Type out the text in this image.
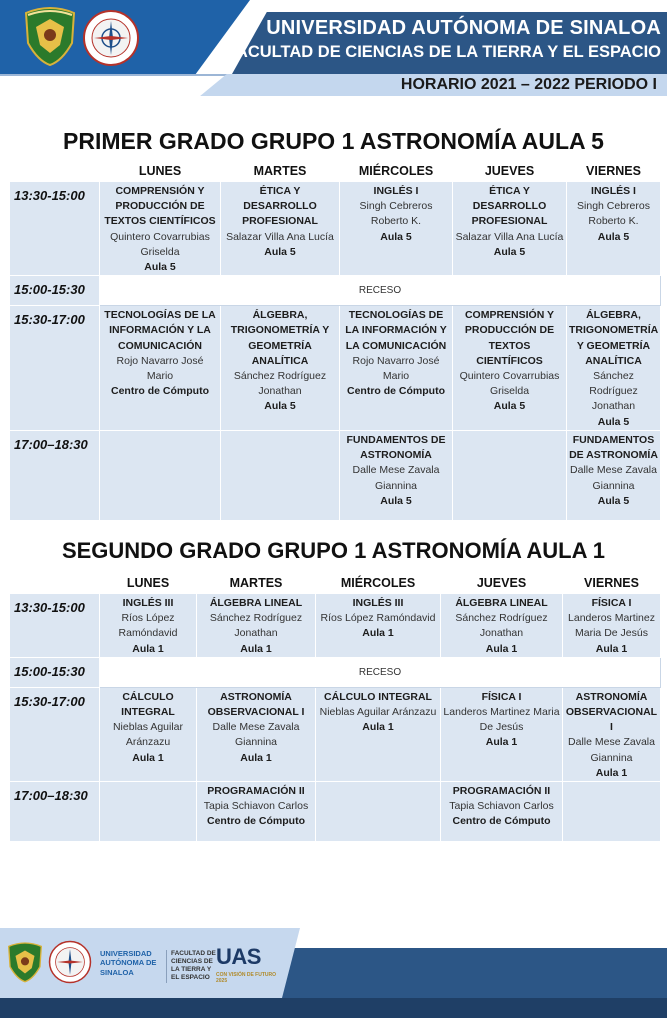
UNIVERSIDAD AUTÓNOMA DE SINALOA
FACULTAD DE CIENCIAS DE LA TIERRA Y EL ESPACIO
HORARIO 2021 – 2022 PERIODO I
PRIMER GRADO GRUPO 1 ASTRONOMÍA AULA 5
	LUNES	MARTES	MIÉRCOLES	JUEVES	VIERNES
13:30-15:00	COMPRENSIÓN Y PRODUCCIÓN DE TEXTOS CIENTÍFICOS
Quintero Covarrubias Griselda
Aula 5	ÉTICA Y DESARROLLO PROFESIONAL
Salazar Villa Ana Lucía
Aula 5	INGLÉS I
Singh Cebreros Roberto K.
Aula 5	ÉTICA Y DESARROLLO PROFESIONAL
Salazar Villa Ana Lucía
Aula 5	INGLÉS I
Singh Cebreros Roberto K.
Aula 5

15:00-15:30	RECESO				
15:30-17:00	TECNOLOGÍAS DE LA INFORMACIÓN Y LA COMUNICACIÓN
Rojo Navarro José Mario
Centro de Cómputo	ÁLGEBRA, TRIGONOMETRÍA Y GEOMETRÍA ANALÍTICA
Sánchez Rodríguez Jonathan
Aula 5	TECNOLOGÍAS DE LA INFORMACIÓN Y LA COMUNICACIÓN
Rojo Navarro José Mario
Centro de Cómputo	COMPRENSIÓN Y PRODUCCIÓN DE TEXTOS CIENTÍFICOS
Quintero Covarrubias Griselda
Aula 5	ÁLGEBRA, TRIGONOMETRÍA Y GEOMETRÍA ANALÍTICA
Sánchez Rodríguez Jonathan
Aula 5

17:00–18:30			FUNDAMENTOS DE ASTRONOMÍA
Dalle Mese Zavala Giannina
Aula 5		FUNDAMENTOS DE ASTRONOMÍA
Dalle Mese Zavala Giannina
Aula 5
SEGUNDO GRADO GRUPO 1 ASTRONOMÍA AULA 1
	LUNES	MARTES	MIÉRCOLES	JUEVES	VIERNES
13:30-15:00	INGLÉS III
Ríos López Ramóndavid
Aula 1	ÁLGEBRA LINEAL
Sánchez Rodríguez Jonathan
Aula 1	INGLÉS III
Ríos López Ramóndavid
Aula 1	ÁLGEBRA LINEAL
Sánchez Rodríguez Jonathan
Aula 1	FÍSICA I
Landeros Martinez Maria De Jesús
Aula 1

15:00-15:30	RECESO				
15:30-17:00	CÁLCULO INTEGRAL
Nieblas Aguilar Aránzazu
Aula 1	ASTRONOMÍA OBSERVACIONAL I
Dalle Mese Zavala Giannina
Aula 1	CÁLCULO INTEGRAL
Nieblas Aguilar Aránzazu
Aula 1	FÍSICA I
Landeros Martinez Maria De Jesús
Aula 1	ASTRONOMÍA OBSERVACIONAL I
Dalle Mese Zavala Giannina
Aula 1

17:00–18:30		PROGRAMACIÓN II
Tapia Schiavon Carlos
Centro de Cómputo		PROGRAMACIÓN II
Tapia Schiavon Carlos
Centro de Cómputo	

UNIVERSIDAD AUTÓNOMA DE SINALOA
FACULTAD DE CIENCIAS DE LA TIERRA Y EL ESPACIO
UAS
CON VISIÓN DE FUTURO 2025
